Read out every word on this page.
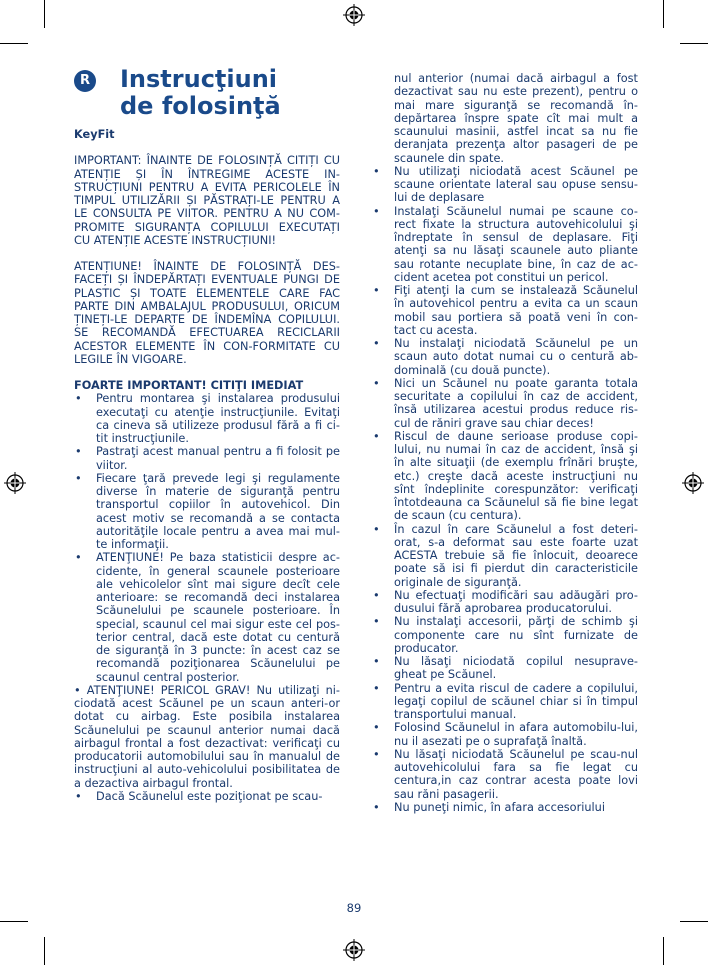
R Instrucţiuni
de folosinţă

KeyFit

IMPORTANT: ÎNAINTE DE FOLOSINȚĂ CITIȚI CU ATENȚIE ȘI ÎN ÎNTREGIME ACESTE IN-STRUCȚIUNI PENTRU A EVITA PERICOLELE ÎN TIMPUL UTILIZĂRII ȘI PĂSTRAȚI-LE PENTRU A LE CONSULTA PE VIITOR. PENTRU A NU COM-PROMITE SIGURANȚA COPILULUI EXECUTAȚI CU ATENȚIE ACESTE INSTRUCȚIUNI!

ATENȚIUNE! ÎNAINTE DE FOLOSINȚĂ DES-FACEȚI ȘI ÎNDEPĂRTAȚI EVENTUALE PUNGI DE PLASTIC ȘI TOATE ELEMENTELE CARE FAC PARTE DIN AMBALAJUL PRODUSULUI, ORICUM ȚINEȚI-LE DEPARTE DE ÎNDEMÎNA COPILULUI. SE RECOMANDĂ EFECTUAREA RECICLARII ACESTOR ELEMENTE ÎN CON-FORMITATE CU LEGILE ÎN VIGOARE.

FOARTE IMPORTANT! CITIŢI IMEDIAT

• Pentru montarea şi instalarea produsului executaţi cu atenţie instrucţiunile. Evitaţi ca cineva să utilizeze produsul fără a fi ci-tit instrucţiunile.
• Pastraţi acest manual pentru a fi folosit pe viitor.
• Fiecare ţară prevede legi şi regulamente diverse în materie de siguranţă pentru transportul copiilor în autovehicol. Din acest motiv se recomandă a se contacta autorităţile locale pentru a avea mai mul-te informaţii.
• ATENŢIUNE! Pe baza statisticii despre ac-cidente, în general scaunele posterioare ale vehicolelor sînt mai sigure decît cele anterioare: se recomandă deci instalarea Scăunelului pe scaunele posterioare. În special, scaunul cel mai sigur este cel pos-terior central, dacă este dotat cu centură de siguranţă în 3 puncte: în acest caz se recomandă poziţionarea Scăunelului pe scaunul central posterior.
• ATENŢIUNE! PERICOL GRAV! Nu utilizaţi ni-ciodată acest Scăunel pe un scaun anteri-or dotat cu airbag. Este posibila instalarea Scăunelului pe scaunul anterior numai dacă airbagul frontal a fost dezactivat: verificaţi cu producatorii automobilului sau în manualul de instrucţiuni al auto-vehicolului posibilitatea de a dezactiva airbagul frontal.
• Dacă Scăunelul este poziţionat pe scau-

nul anterior (numai dacă airbagul a fost dezactivat sau nu este prezent), pentru o mai mare siguranţă se recomandă în-depărtarea înspre spate cît mai mult a scaunului masinii, astfel incat sa nu fie deranjata prezenţa altor pasageri de pe scaunele din spate.

• Nu utilizaţi niciodată acest Scăunel pe scaune orientate lateral sau opuse sensu-lui de deplasare
• Instalaţi Scăunelul numai pe scaune co-rect fixate la structura autovehicolului şi îndreptate în sensul de deplasare. Fiţi atenţi sa nu lăsaţi scaunele auto pliante sau rotante necuplate bine, în caz de ac-cident acetea pot constitui un pericol.
• Fiţi atenţi la cum se instalează Scăunelul în autovehicol pentru a evita ca un scaun mobil sau portiera să poată veni în con-tact cu acesta.
• Nu instalaţi niciodată Scăunelul pe un scaun auto dotat numai cu o centură ab-dominală (cu două puncte).
• Nici un Scăunel nu poate garanta totala securitate a copilului în caz de accident, însă utilizarea acestui produs reduce ris-cul de răniri grave sau chiar deces!
• Riscul de daune serioase produse copi-lului, nu numai în caz de accident, însă şi în alte situaţii (de exemplu frînări bruşte, etc.) creşte dacă aceste instrucţiuni nu sînt îndeplinite corespunzător: verificaţi întotdeauna ca Scăunelul să fie bine legat de scaun (cu centura).
• În cazul în care Scăunelul a fost deteri-orat, s-a deformat sau este foarte uzat ACESTA trebuie să fie înlocuit, deoarece poate să isi fi pierdut din caracteristicile originale de siguranţă.
• Nu efectuaţi modificări sau adăugări pro-dusului fără aprobarea producatorului.
• Nu instalaţi accesorii, părţi de schimb şi componente care nu sînt furnizate de producator.
• Nu lăsaţi niciodată copilul nesuprave-gheat pe Scăunel.
• Pentru a evita riscul de cadere a copilului, legaţi copilul de scăunel chiar si în timpul transportului manual.
• Folosind Scăunelul in afara automobilu-lui, nu il asezati pe o suprafaţă înaltă.
• Nu lăsaţi niciodată Scăunelul pe scau-nul autovehicolului fara sa fie legat cu centura,in caz contrar acesta poate lovi sau răni pasagerii.
• Nu puneţi nimic, în afara accesoriului
89
